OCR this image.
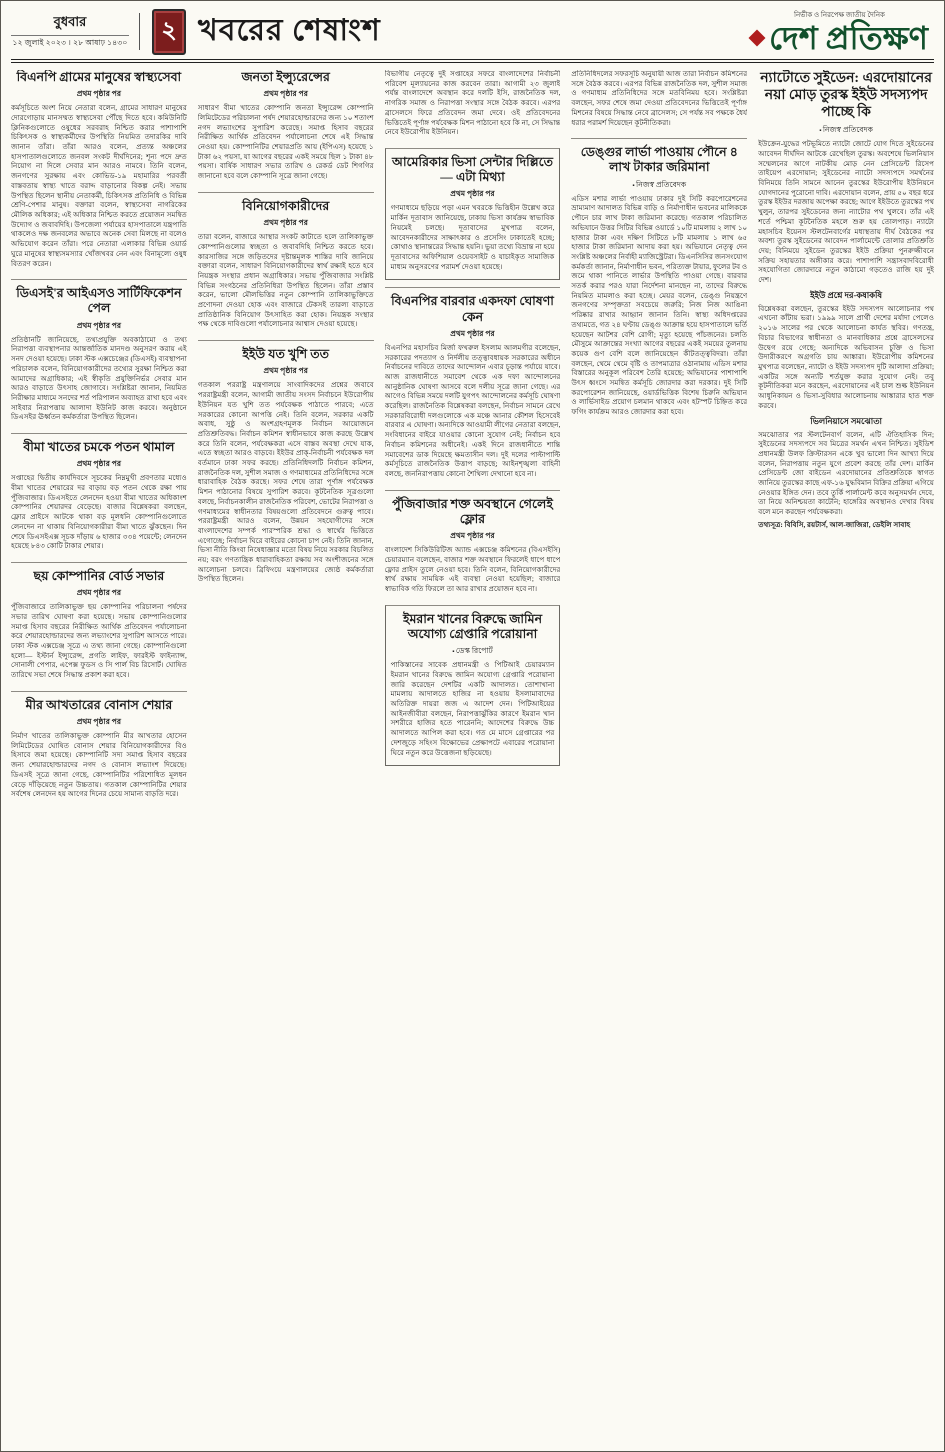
বুধবার
১২ জুলাই ২০২৩ । ২৮ আষাঢ় ১৪৩০ ২ খবরের শেষাংশ	নির্ভীক ও নিরপেক্ষ জাতীয় দৈনিক
দেশ প্রতিক্ষণ
বিএনপি গ্রামের মানুষের স্বাস্থ্যসেবা
প্রথম পৃষ্ঠার পর

কর্মসূচিতে অংশ নিয়ে নেতারা বলেন, গ্রামের সাধারণ মানুষের দোরগোড়ায় মানসম্মত স্বাস্থ্যসেবা পৌঁছে দিতে হবে। কমিউনিটি ক্লিনিকগুলোতে ওষুধের সরবরাহ নিশ্চিত করার পাশাপাশি চিকিৎসক ও স্বাস্থ্যকর্মীদের উপস্থিতি নিয়মিত তদারকির দাবি জানান তাঁরা। তাঁরা আরও বলেন, প্রত্যন্ত অঞ্চলের হাসপাতালগুলোতে জনবল সংকট দীর্ঘদিনের; শূন্য পদে দ্রুত নিয়োগ না দিলে সেবার মান আরও নামবে। তিনি বলেন, জনগণের সুরক্ষায় এবং কোভিড-১৯ মহামারির পরবর্তী বাস্তবতায় স্বাস্থ্য খাতে বরাদ্দ বাড়ানোর বিকল্প নেই। সভায় উপস্থিত ছিলেন স্থানীয় নেতাকর্মী, চিকিৎসক প্রতিনিধি ও বিভিন্ন শ্রেণি-পেশার মানুষ। বক্তারা বলেন, স্বাস্থ্যসেবা নাগরিকের মৌলিক অধিকার; এই অধিকার নিশ্চিত করতে প্রয়োজন সমন্বিত উদ্যোগ ও জবাবদিহি। উপজেলা পর্যায়ের হাসপাতালে যন্ত্রপাতি থাকলেও দক্ষ জনবলের অভাবে অনেক সেবা মিলছে না বলেও অভিযোগ করেন তাঁরা। পরে নেতারা এলাকার বিভিন্ন ওয়ার্ড ঘুরে মানুষের স্বাস্থ্যসমস্যার খোঁজখবর নেন এবং বিনামূল্যে ওষুধ বিতরণ করেন।

ডিএসই'র আইএসও সার্টিফিকেশন পেল
প্রথম পৃষ্ঠার পর

প্রতিষ্ঠানটি জানিয়েছে, তথ্যপ্রযুক্তি অবকাঠামো ও তথ্য নিরাপত্তা ব্যবস্থাপনার আন্তর্জাতিক মানদণ্ড অনুসরণ করায় এই সনদ দেওয়া হয়েছে। ঢাকা স্টক এক্সচেঞ্জের (ডিএসই) ব্যবস্থাপনা পরিচালক বলেন, বিনিয়োগকারীদের তথ্যের সুরক্ষা নিশ্চিত করা আমাদের অগ্রাধিকার; এই স্বীকৃতি প্রযুক্তিনির্ভর সেবার মান আরও বাড়াতে উৎসাহ জোগাবে। সংশ্লিষ্টরা জানান, নিয়মিত নিরীক্ষার মাধ্যমে সনদের শর্ত পরিপালন অব্যাহত রাখা হবে এবং সাইবার নিরাপত্তায় আলাদা ইউনিট কাজ করবে। অনুষ্ঠানে ডিএসইর ঊর্ধ্বতন কর্মকর্তারা উপস্থিত ছিলেন।

বীমা খাতের চমকে পতন থামাল
প্রথম পৃষ্ঠার পর

সপ্তাহের দ্বিতীয় কার্যদিবসে সূচকের নিম্নমুখী প্রবণতার মধ্যেও বীমা খাতের শেয়ারের দর বাড়ায় বড় পতন থেকে রক্ষা পায় পুঁজিবাজার। ডিএসইতে লেনদেন হওয়া বীমা খাতের অধিকাংশ কোম্পানির শেয়ারদর বেড়েছে। বাজার বিশ্লেষকরা বলছেন, ফ্লোর প্রাইসে আটকে থাকা বড় মূলধনি কোম্পানিগুলোতে লেনদেন না থাকায় বিনিয়োগকারীরা বীমা খাতে ঝুঁকছেন। দিন শেষে ডিএসইএক্স সূচক দাঁড়ায় ৬ হাজার ৩৩৪ পয়েন্টে; লেনদেন হয়েছে ৮৪৩ কোটি টাকার শেয়ার।

ছয় কোম্পানির বোর্ড সভার
প্রথম পৃষ্ঠার পর

পুঁজিবাজারে তালিকাভুক্ত ছয় কোম্পানির পরিচালনা পর্ষদের সভার তারিখ ঘোষণা করা হয়েছে। সভায় কোম্পানিগুলোর সমাপ্ত হিসাব বছরের নিরীক্ষিত আর্থিক প্রতিবেদন পর্যালোচনা করে শেয়ারহোল্ডারদের জন্য লভ্যাংশের সুপারিশ আসতে পারে। ঢাকা স্টক এক্সচেঞ্জ সূত্রে এ তথ্য জানা গেছে। কোম্পানিগুলো হলো— ইস্টার্ন ইন্স্যুরেন্স, প্রগতি লাইফ, ফারইস্ট ফাইন্যান্স, সোনালী পেপার, এপেক্স ফুডস ও সি পার্ল বিচ রিসোর্ট। ঘোষিত তারিখে সভা শেষে সিদ্ধান্ত প্রকাশ করা হবে।

মীর আখতারের বোনাস শেয়ার
প্রথম পৃষ্ঠার পর

নির্মাণ খাতের তালিকাভুক্ত কোম্পানি মীর আখতার হোসেন লিমিটেডের ঘোষিত বোনাস শেয়ার বিনিয়োগকারীদের বিও হিসাবে জমা হয়েছে। কোম্পানিটি সদ্য সমাপ্ত হিসাব বছরের জন্য শেয়ারহোল্ডারদের নগদ ও বোনাস লভ্যাংশ দিয়েছে। ডিএসই সূত্রে জানা গেছে, কোম্পানিটির পরিশোধিত মূলধন বেড়ে দাঁড়িয়েছে নতুন উচ্চতায়। গতকাল কোম্পানিটির শেয়ার সর্বশেষ লেনদেন হয় আগের দিনের চেয়ে সামান্য বাড়তি দরে।

জনতা ইন্স্যুরেন্সের
প্রথম পৃষ্ঠার পর

সাধারণ বীমা খাতের কোম্পানি জনতা ইন্স্যুরেন্স কোম্পানি লিমিটেডের পরিচালনা পর্ষদ শেয়ারহোল্ডারদের জন্য ১০ শতাংশ নগদ লভ্যাংশের সুপারিশ করেছে। সমাপ্ত হিসাব বছরের নিরীক্ষিত আর্থিক প্রতিবেদন পর্যালোচনা শেষে এই সিদ্ধান্ত নেওয়া হয়। কোম্পানিটির শেয়ারপ্রতি আয় (ইপিএস) হয়েছে ১ টাকা ৬২ পয়সা, যা আগের বছরের একই সময়ে ছিল ১ টাকা ৪৮ পয়সা। বার্ষিক সাধারণ সভার তারিখ ও রেকর্ড ডেট শিগগির জানানো হবে বলে কোম্পানি সূত্রে জানা গেছে।

বিনিয়োগকারীদের
প্রথম পৃষ্ঠার পর

তারা বলেন, বাজারে আস্থার সংকট কাটাতে হলে তালিকাভুক্ত কোম্পানিগুলোর স্বচ্ছতা ও জবাবদিহি নিশ্চিত করতে হবে। কারসাজির সঙ্গে জড়িতদের দৃষ্টান্তমূলক শাস্তির দাবি জানিয়ে বক্তারা বলেন, সাধারণ বিনিয়োগকারীদের স্বার্থ রক্ষাই হতে হবে নিয়ন্ত্রক সংস্থার প্রধান অগ্রাধিকার। সভায় পুঁজিবাজার সংশ্লিষ্ট বিভিন্ন সংগঠনের প্রতিনিধিরা উপস্থিত ছিলেন। তাঁরা প্রস্তাব করেন, ভালো মৌলভিত্তির নতুন কোম্পানি তালিকাভুক্তিতে প্রণোদনা দেওয়া হোক এবং বাজারে টেকসই তারল্য বাড়াতে প্রাতিষ্ঠানিক বিনিয়োগ উৎসাহিত করা হোক। নিয়ন্ত্রক সংস্থার পক্ষ থেকে দাবিগুলো পর্যালোচনার আশ্বাস দেওয়া হয়েছে।

ইইউ যত খুশি তত
প্রথম পৃষ্ঠার পর

গতকাল পররাষ্ট্র মন্ত্রণালয়ে সাংবাদিকদের প্রশ্নের জবাবে পররাষ্ট্রমন্ত্রী বলেন, আগামী জাতীয় সংসদ নির্বাচনে ইউরোপীয় ইউনিয়ন যত খুশি তত পর্যবেক্ষক পাঠাতে পারবে; এতে সরকারের কোনো আপত্তি নেই। তিনি বলেন, সরকার একটি অবাধ, সুষ্ঠু ও অংশগ্রহণমূলক নির্বাচন আয়োজনে প্রতিশ্রুতিবদ্ধ। নির্বাচন কমিশন স্বাধীনভাবে কাজ করছে উল্লেখ করে তিনি বলেন, পর্যবেক্ষকরা এসে বাস্তব অবস্থা দেখে যাক, এতে স্বচ্ছতা আরও বাড়বে। ইইউর প্রাক্-নির্বাচনী পর্যবেক্ষক দল বর্তমানে ঢাকা সফর করছে। প্রতিনিধিদলটি নির্বাচন কমিশন, রাজনৈতিক দল, সুশীল সমাজ ও গণমাধ্যমের প্রতিনিধিদের সঙ্গে ধারাবাহিক বৈঠক করছে। সফর শেষে তারা পূর্ণাঙ্গ পর্যবেক্ষক মিশন পাঠানোর বিষয়ে সুপারিশ করবে। কূটনৈতিক সূত্রগুলো বলছে, নির্বাচনকালীন রাজনৈতিক পরিবেশ, ভোটের নিরাপত্তা ও গণমাধ্যমের স্বাধীনতার বিষয়গুলো প্রতিবেদনে গুরুত্ব পাবে। পররাষ্ট্রমন্ত্রী আরও বলেন, উন্নয়ন সহযোগীদের সঙ্গে বাংলাদেশের সম্পর্ক পারস্পরিক শ্রদ্ধা ও স্বার্থের ভিত্তিতে এগোচ্ছে; নির্বাচন ঘিরে বাইরের কোনো চাপ নেই। তিনি জানান, ভিসা নীতি কিংবা নিষেধাজ্ঞার মতো বিষয় নিয়ে সরকার বিচলিত নয়; বরং গণতান্ত্রিক ধারাবাহিকতা রক্ষায় সব অংশীজনের সঙ্গে আলোচনা চলবে। ব্রিফিংয়ে মন্ত্রণালয়ের জ্যেষ্ঠ কর্মকর্তারা উপস্থিত ছিলেন।

বিভাগীয় নেতৃত্বে দুই সপ্তাহের সফরে বাংলাদেশের নির্বাচনী পরিবেশ মূল্যায়নের কাজ করবেন তারা। আগামী ২৩ জুলাই পর্যন্ত বাংলাদেশে অবস্থান করে দলটি ইসি, রাজনৈতিক দল, নাগরিক সমাজ ও নিরাপত্তা সংস্থার সঙ্গে বৈঠক করবে। এরপর ব্রাসেলসে ফিরে প্রতিবেদন জমা দেবে। ওই প্রতিবেদনের ভিত্তিতেই পূর্ণাঙ্গ পর্যবেক্ষক মিশন পাঠানো হবে কি না, সে সিদ্ধান্ত নেবে ইউরোপীয় ইউনিয়ন।

আমেরিকার ভিসা সেন্টার দিল্লিতে— এটা মিথ্যা
প্রথম পৃষ্ঠার পর

গণমাধ্যমে ছড়িয়ে পড়া এমন খবরকে ভিত্তিহীন উল্লেখ করে মার্কিন দূতাবাস জানিয়েছে, ঢাকায় ভিসা কার্যক্রম স্বাভাবিক নিয়মেই চলছে। দূতাবাসের মুখপাত্র বলেন, আবেদনকারীদের সাক্ষাৎকার ও প্রসেসিং ঢাকাতেই হচ্ছে; কোথাও স্থানান্তরের সিদ্ধান্ত হয়নি। ভুয়া তথ্যে বিভ্রান্ত না হয়ে দূতাবাসের অফিশিয়াল ওয়েবসাইট ও যাচাইকৃত সামাজিক মাধ্যম অনুসরণের পরামর্শ দেওয়া হয়েছে।

বিএনপির বারবার একদফা ঘোষণা কেন
প্রথম পৃষ্ঠার পর

বিএনপির মহাসচিব মির্জা ফখরুল ইসলাম আলমগীর বলেছেন, সরকারের পদত্যাগ ও নির্দলীয় তত্ত্বাবধায়ক সরকারের অধীনে নির্বাচনের দাবিতে তাদের আন্দোলন এবার চূড়ান্ত পর্যায়ে যাবে। আজ রাজধানীতে সমাবেশ থেকে এক দফা আন্দোলনের আনুষ্ঠানিক ঘোষণা আসবে বলে দলীয় সূত্রে জানা গেছে। এর আগেও বিভিন্ন সময়ে দলটি যুগপৎ আন্দোলনের কর্মসূচি ঘোষণা করেছিল। রাজনৈতিক বিশ্লেষকরা বলছেন, নির্বাচন সামনে রেখে সরকারবিরোধী দলগুলোকে এক মঞ্চে আনার কৌশল হিসেবেই বারবার এ ঘোষণা। অন্যদিকে আওয়ামী লীগের নেতারা বলছেন, সংবিধানের বাইরে যাওয়ার কোনো সুযোগ নেই; নির্বাচন হবে নির্বাচন কমিশনের অধীনেই। একই দিনে রাজধানীতে শান্তি সমাবেশের ডাক দিয়েছে ক্ষমতাসীন দল। দুই দলের পাল্টাপাল্টি কর্মসূচিতে রাজনৈতিক উত্তাপ বাড়ছে; আইনশৃঙ্খলা বাহিনী বলছে, জননিরাপত্তায় কোনো শৈথিল্য দেখানো হবে না।

পুঁজিবাজার শক্ত অবস্থানে গেলেই ফ্লোর
প্রথম পৃষ্ঠার পর

বাংলাদেশ সিকিউরিটিজ অ্যান্ড এক্সচেঞ্জ কমিশনের (বিএসইসি) চেয়ারম্যান বলেছেন, বাজার শক্ত অবস্থানে ফিরলেই ধাপে ধাপে ফ্লোর প্রাইস তুলে নেওয়া হবে। তিনি বলেন, বিনিয়োগকারীদের স্বার্থ রক্ষায় সাময়িক এই ব্যবস্থা নেওয়া হয়েছিল; বাজারে স্বাভাবিক গতি ফিরলে তা আর রাখার প্রয়োজন হবে না।

ইমরান খানের বিরুদ্ধে জামিন অযোগ্য গ্রেপ্তারি পরোয়ানা
▪ ডেস্ক রিপোর্ট

পাকিস্তানের সাবেক প্রধানমন্ত্রী ও পিটিআই চেয়ারম্যান ইমরান খানের বিরুদ্ধে জামিন অযোগ্য গ্রেপ্তারি পরোয়ানা জারি করেছেন দেশটির একটি আদালত। তোশাখানা মামলায় আদালতে হাজির না হওয়ায় ইসলামাবাদের অতিরিক্ত দায়রা জজ এ আদেশ দেন। পিটিআইয়ের আইনজীবীরা বলছেন, নিরাপত্তাঝুঁকির কারণে ইমরান খান সশরীরে হাজির হতে পারেননি; আদেশের বিরুদ্ধে উচ্চ আদালতে আপিল করা হবে। গত মে মাসে গ্রেপ্তারের পর দেশজুড়ে সহিংস বিক্ষোভের প্রেক্ষাপটে এবারের পরোয়ানা ঘিরে নতুন করে উত্তেজনা ছড়িয়েছে।

প্রতিনিধিদলের সফরসূচি অনুযায়ী আজ তারা নির্বাচন কমিশনের সঙ্গে বৈঠক করবে। এরপর বিভিন্ন রাজনৈতিক দল, সুশীল সমাজ ও গণমাধ্যম প্রতিনিধিদের সঙ্গে মতবিনিময় হবে। সংশ্লিষ্টরা বলছেন, সফর শেষে জমা দেওয়া প্রতিবেদনের ভিত্তিতেই পূর্ণাঙ্গ মিশনের বিষয়ে সিদ্ধান্ত নেবে ব্রাসেলস; সে পর্যন্ত সব পক্ষকে ধৈর্য ধরার পরামর্শ দিয়েছেন কূটনীতিকরা।

ডেঙ্গুর লার্ভা পাওয়ায় পৌনে ৪ লাখ টাকার জরিমানা
▪ নিজস্ব প্রতিবেদক

এডিস মশার লার্ভা পাওয়ায় ঢাকার দুই সিটি করপোরেশনের ভ্রাম্যমাণ আদালত বিভিন্ন বাড়ি ও নির্মাণাধীন ভবনের মালিককে পৌনে চার লাখ টাকা জরিমানা করেছে। গতকাল পরিচালিত অভিযানে উত্তর সিটির বিভিন্ন ওয়ার্ডে ১০টি মামলায় ২ লাখ ১০ হাজার টাকা এবং দক্ষিণ সিটিতে ৮টি মামলায় ১ লাখ ৬৫ হাজার টাকা জরিমানা আদায় করা হয়। অভিযানে নেতৃত্ব দেন সংশ্লিষ্ট অঞ্চলের নির্বাহী ম্যাজিস্ট্রেটরা। ডিএনসিসির জনসংযোগ কর্মকর্তা জানান, নির্মাণাধীন ভবন, পরিত্যক্ত টায়ার, ফুলের টব ও জমে থাকা পানিতে লার্ভার উপস্থিতি পাওয়া গেছে। বারবার সতর্ক করার পরও যারা নির্দেশনা মানছেন না, তাদের বিরুদ্ধে নিয়মিত মামলাও করা হচ্ছে। মেয়র বলেন, ডেঙ্গু নিয়ন্ত্রণে জনগণের সম্পৃক্ততা সবচেয়ে জরুরি; নিজ নিজ আঙিনা পরিষ্কার রাখার আহ্বান জানান তিনি। স্বাস্থ্য অধিদপ্তরের তথ্যমতে, গত ২৪ ঘণ্টায় ডেঙ্গু আক্রান্ত হয়ে হাসপাতালে ভর্তি হয়েছেন আটশর বেশি রোগী; মৃত্যু হয়েছে পাঁচজনের। চলতি মৌসুমে আক্রান্তের সংখ্যা আগের বছরের একই সময়ের তুলনায় কয়েক গুণ বেশি বলে জানিয়েছেন কীটতত্ত্ববিদরা। তাঁরা বলছেন, থেমে থেমে বৃষ্টি ও তাপমাত্রার ওঠানামায় এডিস মশার বিস্তারের অনুকূল পরিবেশ তৈরি হয়েছে; অভিযানের পাশাপাশি উৎস ধ্বংসে সমন্বিত কর্মসূচি জোরদার করা দরকার। দুই সিটি করপোরেশন জানিয়েছে, ওয়ার্ডভিত্তিক বিশেষ চিরুনি অভিযান ও লার্ভিসাইড প্রয়োগ চলমান থাকবে এবং হটস্পট চিহ্নিত করে ফগিং কার্যক্রম আরও জোরদার করা হবে।

ন্যাটোতে সুইডেন: এরদোয়ানের নয়া মোড় তুরস্ক ইইউ সদস্যপদ পাচ্ছে কি
▪ নিজস্ব প্রতিবেদক

ইউক্রেন-যুদ্ধের পটভূমিতে ন্যাটো জোটে যোগ দিতে সুইডেনের আবেদন দীর্ঘদিন আটকে রেখেছিল তুরস্ক। অবশেষে ভিলনিয়াস সম্মেলনের আগে নাটকীয় মোড় নেন প্রেসিডেন্ট রিসেপ তাইয়েপ এরদোয়ান; সুইডেনের ন্যাটো সদস্যপদে সমর্থনের বিনিময়ে তিনি সামনে আনেন তুরস্কের ইউরোপীয় ইউনিয়নে যোগদানের পুরোনো দাবি। এরদোয়ান বলেন, প্রায় ৫০ বছর ধরে তুরস্ক ইইউর দরজায় অপেক্ষা করছে; আগে ইইউতে তুরস্কের পথ খুলুন, তারপর সুইডেনের জন্য ন্যাটোর পথ খুলবে। তাঁর এই শর্তে পশ্চিমা কূটনৈতিক মহলে শুরু হয় তোলপাড়। ন্যাটো মহাসচিব ইয়েনস স্টলটেনবার্গের মধ্যস্থতায় দীর্ঘ বৈঠকের পর অবশ্য তুরস্ক সুইডেনের আবেদন পার্লামেন্টে তোলার প্রতিশ্রুতি দেয়; বিনিময়ে সুইডেন তুরস্কের ইইউ প্রক্রিয়া পুনরুজ্জীবনে সক্রিয় সহায়তার অঙ্গীকার করে। পাশাপাশি সন্ত্রাসবাদবিরোধী সহযোগিতা জোরদারে নতুন কাঠামো গড়তেও রাজি হয় দুই দেশ।

ইইউ প্রশ্নে দর-কষাকষি

বিশ্লেষকরা বলছেন, তুরস্কের ইইউ সদস্যপদ আলোচনার পথ এখনো কাঁটায় ভরা। ১৯৯৯ সালে প্রার্থী দেশের মর্যাদা পেলেও ২০১৬ সালের পর থেকে আলোচনা কার্যত স্থবির। গণতন্ত্র, বিচার বিভাগের স্বাধীনতা ও মানবাধিকার প্রশ্নে ব্রাসেলসের উদ্বেগ রয়ে গেছে; অন্যদিকে অভিবাসন চুক্তি ও ভিসা উদারীকরণে অগ্রগতি চায় আঙ্কারা। ইউরোপীয় কমিশনের মুখপাত্র বলেছেন, ন্যাটো ও ইইউ সদস্যপদ দুটি আলাদা প্রক্রিয়া; একটির সঙ্গে অন্যটি শর্তযুক্ত করার সুযোগ নেই। তবু কূটনীতিকরা মনে করছেন, এরদোয়ানের এই চাল শুল্ক ইউনিয়ন আধুনিকায়ন ও ভিসা-সুবিধার আলোচনায় আঙ্কারার হাত শক্ত করবে।

ভিলনিয়াসে সমঝোতা

সমঝোতার পর স্টলটেনবার্গ বলেন, এটি ঐতিহাসিক দিন; সুইডেনের সদস্যপদে সব মিত্রের সমর্থন এখন নিশ্চিত। সুইডিশ প্রধানমন্ত্রী উলফ ক্রিস্টারসন একে খুব ভালো দিন আখ্যা দিয়ে বলেন, নিরাপত্তায় নতুন যুগে প্রবেশ করছে তাঁর দেশ। মার্কিন প্রেসিডেন্ট জো বাইডেন এরদোয়ানের প্রতিশ্রুতিকে স্বাগত জানিয়ে তুরস্কের কাছে এফ-১৬ যুদ্ধবিমান বিক্রির প্রক্রিয়া এগিয়ে নেওয়ার ইঙ্গিত দেন। তবে তুর্কি পার্লামেন্ট কবে অনুসমর্থন দেবে, তা নিয়ে অনিশ্চয়তা কাটেনি; হাঙ্গেরির অবস্থানও দেখার বিষয় বলে মনে করছেন পর্যবেক্ষকরা।

তথ্যসূত্র: বিবিসি, রয়টার্স, আল-জাজিরা, ডেইলি সাবাহ
